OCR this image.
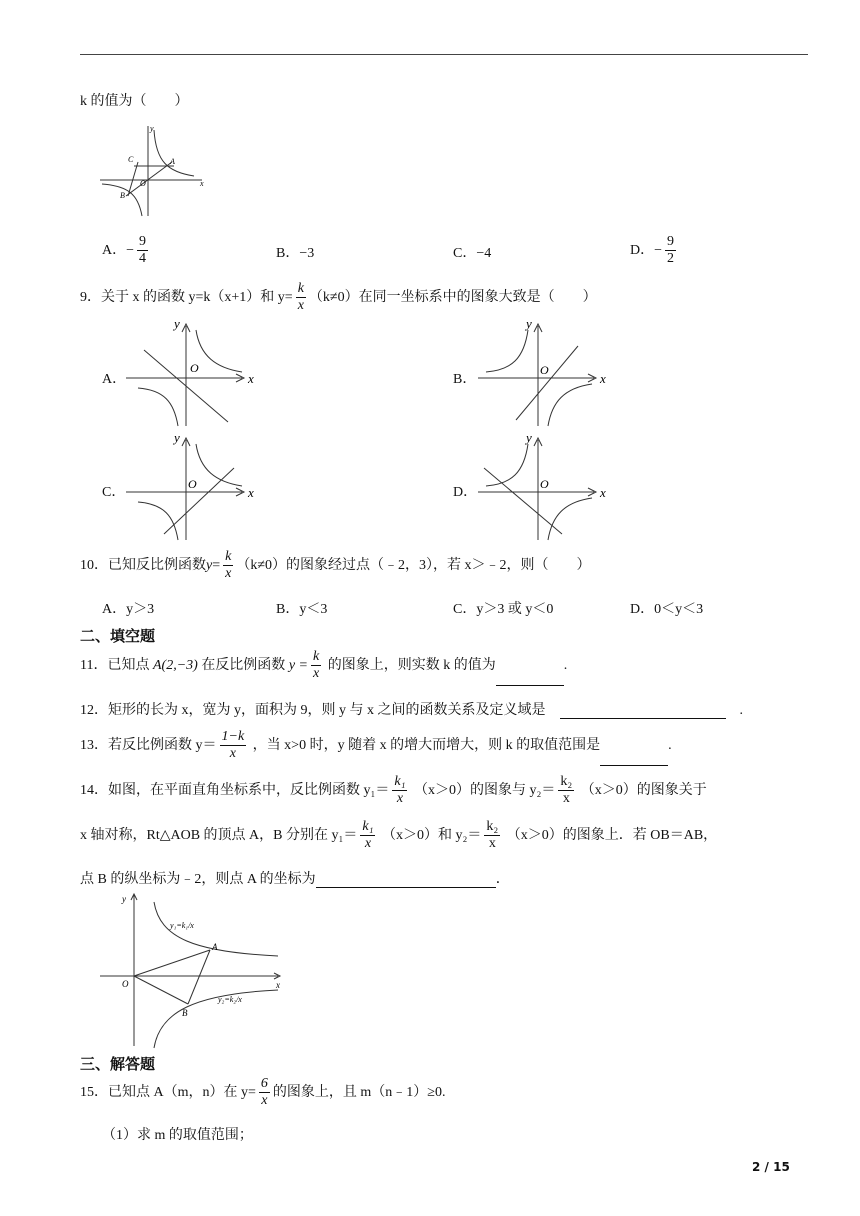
k 的值为（　　）
y
x
C	A
O
B
A．− $\frac{9}{4}$	B．−3	C．−4	D．− $\frac{9}{2}$
9．关于 x 的函数 y=k（x+1）和 $y= \frac{k}{x} (k\ne 0)$在同一坐标系中的图象大致是（　　）
A．
y
x
O
B．
y
x
O
C．
y
x
O
D．
y
x
O
10．已知反比例函数$y= \frac{k}{x} (k\ne 0)$的图象经过点（﹣2，3），若 x＞﹣2，则（　　）
A．y＞3	B．y＜3	C．y＞3 或 y＜0	D．0＜y＜3
二、填空题
11．已知点 A(2,−3) 在反比例函数 $y = \frac{k}{x}$ 的图象上，则实数 k 的值为	.
12．矩形的长为 x，宽为 y，面积为 9，则 y 与 x 之间的函数关系及定义域是	.
13．若反比例函数 $y= \frac{1-k}{x}$ ，当 x>0 时，y 随着 x 的增大而增大，则 k 的取值范围是	.
14．如图，在平面直角坐标系中，反比例函数 $y_1= \frac{\text{k₁}}{x} (x>0)$的图象与 $y_2= \frac{\text{k₂}}{x} (x>0)$的图象关于
x 轴对称，Rt△AOB 的顶点 A，B 分别在 $y_1= \frac{\text{k₁}}{x} (x>0)$和 $y_2= \frac{\text{k₂}}{x} (x>0)$的图象上．若 OB＝AB，
点 B 的纵坐标为﹣2，则点 A 的坐标为	．
y
x
O
A
B
y₁=k₁/x
y₂=k₂/x
三、解答题
15．已知点 A（m，n）在 $y= \frac{6}{x}$ 的图象上，且 m（n﹣1）≥0.
（1）求 m 的取值范围；
2 / 15
